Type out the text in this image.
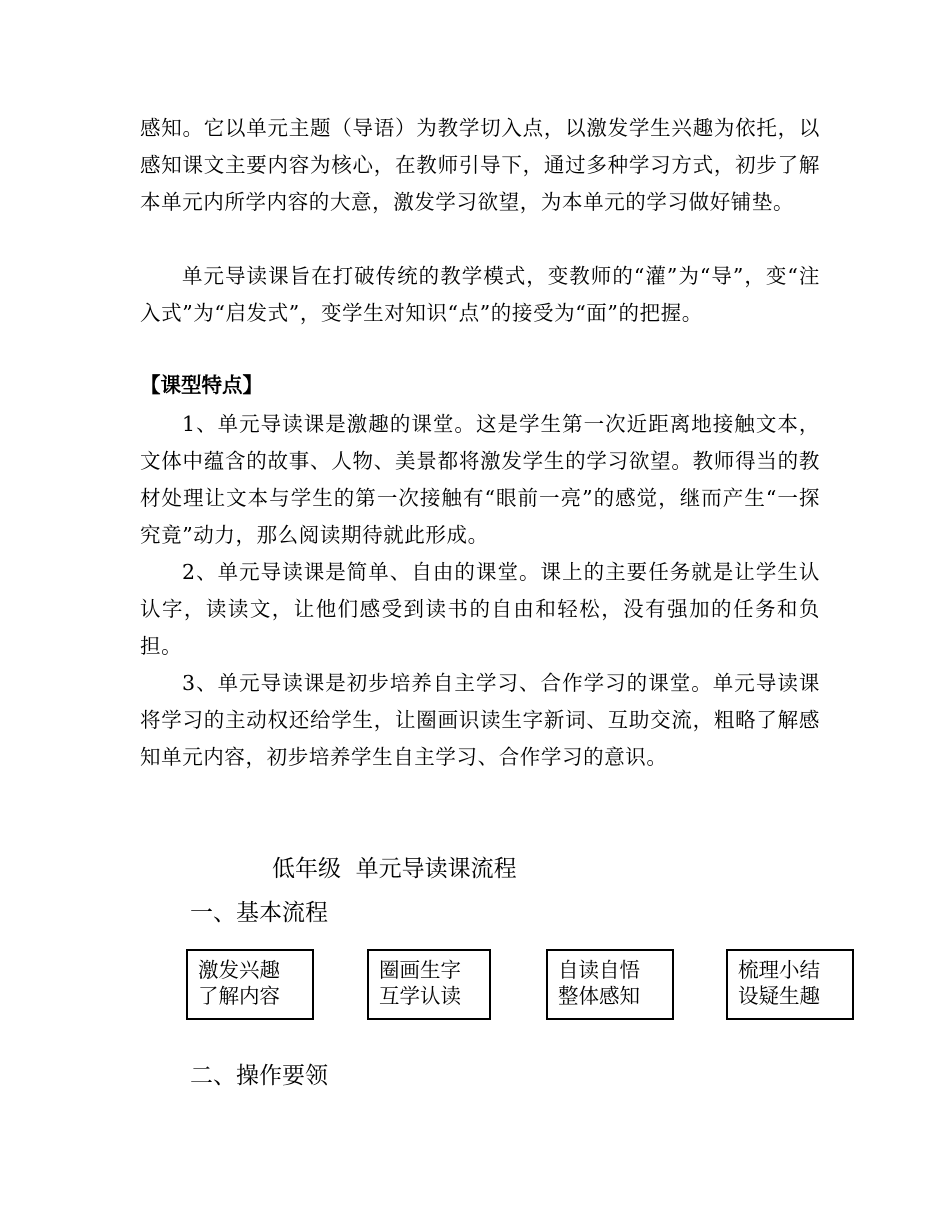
感知。它以单元主题（导语）为教学切入点，以激发学生兴趣为依托，以感知课文主要内容为核心，在教师引导下，通过多种学习方式，初步了解本单元内所学内容的大意，激发学习欲望，为本单元的学习做好铺垫。

单元导读课旨在打破传统的教学模式，变教师的“灌”为“导”，变“注入式”为“启发式”，变学生对知识“点”的接受为“面”的把握。

【课型特点】

1、单元导读课是激趣的课堂。这是学生第一次近距离地接触文本，文体中蕴含的故事、人物、美景都将激发学生的学习欲望。教师得当的教材处理让文本与学生的第一次接触有“眼前一亮”的感觉，继而产生“一探究竟”动力，那么阅读期待就此形成。

2、单元导读课是简单、自由的课堂。课上的主要任务就是让学生认认字，读读文，让他们感受到读书的自由和轻松，没有强加的任务和负担。

3、单元导读课是初步培养自主学习、合作学习的课堂。单元导读课将学习的主动权还给学生，让圈画识读生字新词、互助交流，粗略了解感知单元内容，初步培养学生自主学习、合作学习的意识。

低年级  单元导读课流程
一、基本流程
激发兴趣
了解内容
圈画生字
互学认读
自读自悟
整体感知
梳理小结
设疑生趣
二、操作要领
